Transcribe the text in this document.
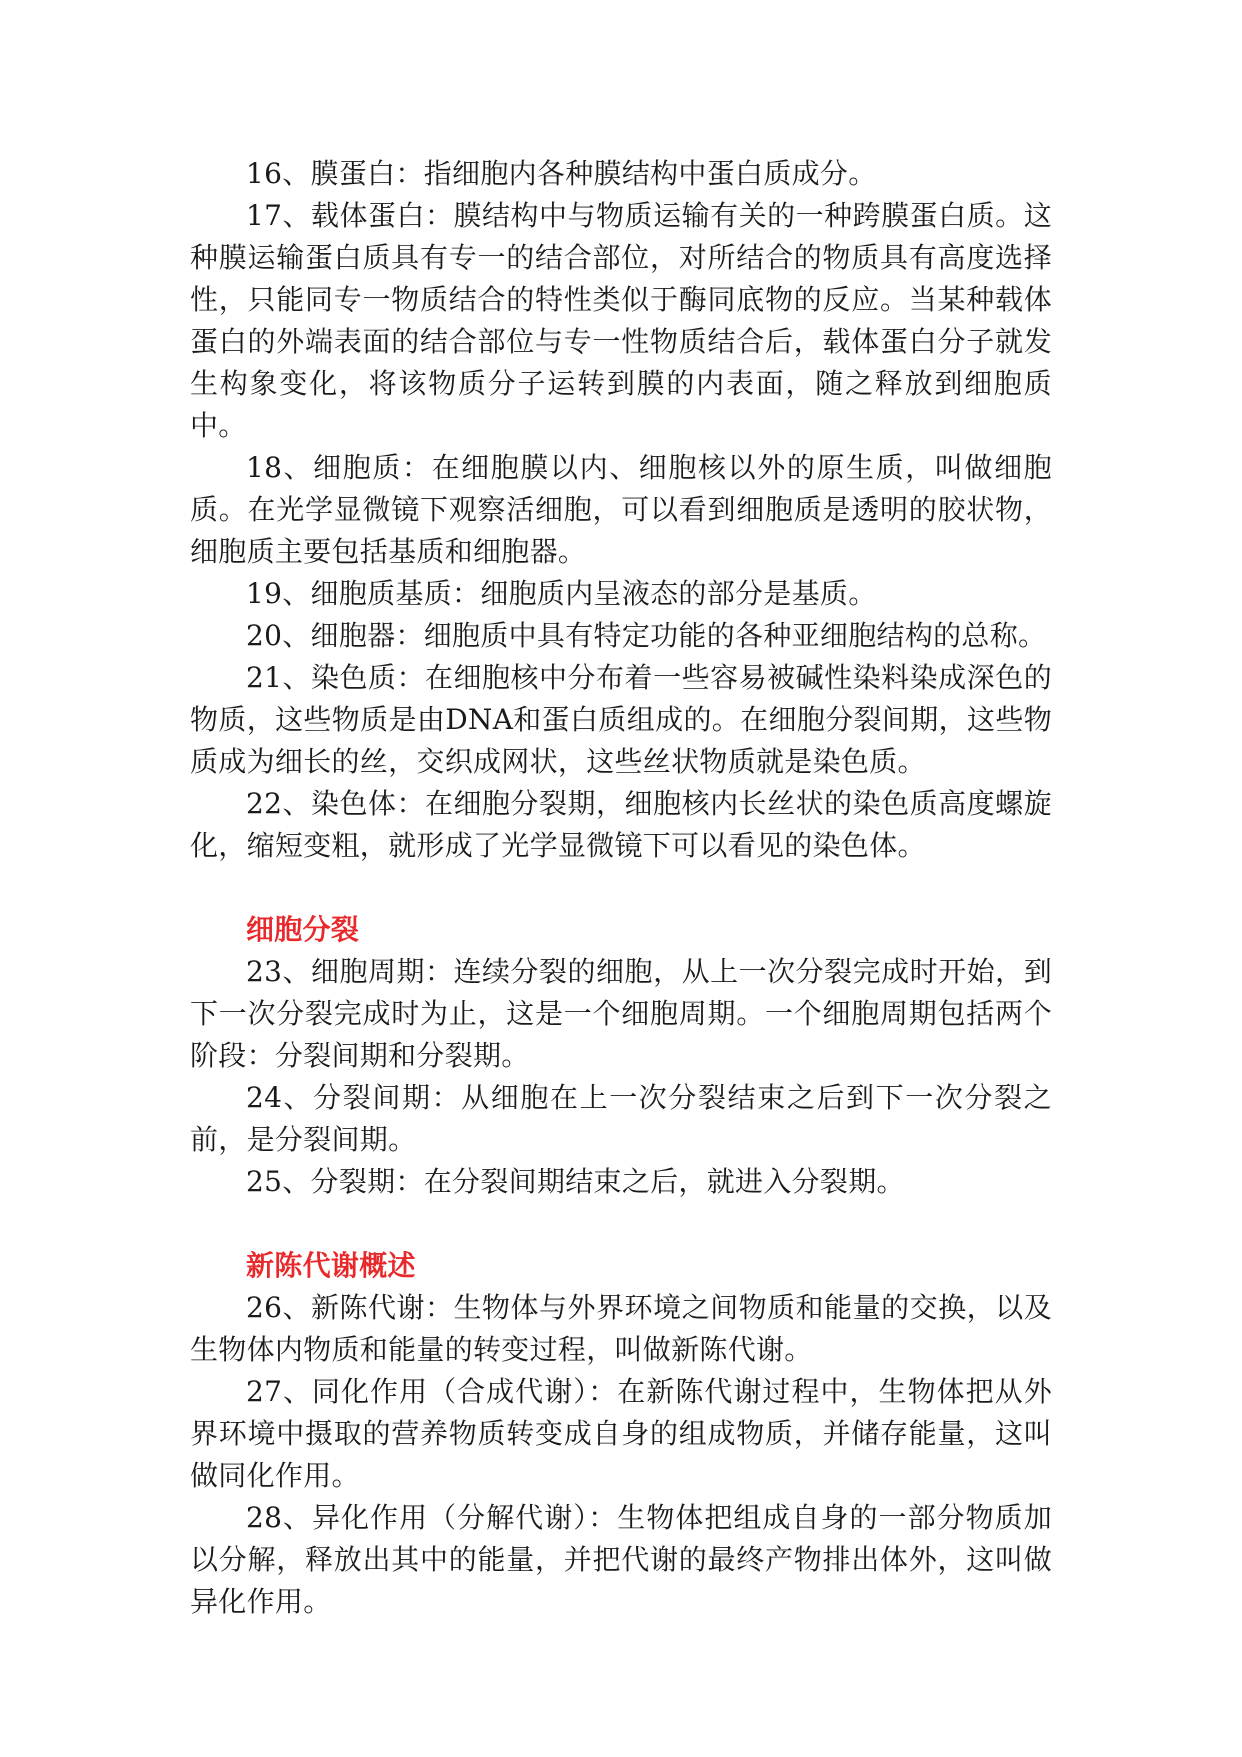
16、膜蛋白：指细胞内各种膜结构中蛋白质成分。

17、载体蛋白：膜结构中与物质运输有关的一种跨膜蛋白质。这种膜运输蛋白质具有专一的结合部位，对所结合的物质具有高度选择性，只能同专一物质结合的特性类似于酶同底物的反应。当某种载体蛋白的外端表面的结合部位与专一性物质结合后，载体蛋白分子就发生构象变化，将该物质分子运转到膜的内表面，随之释放到细胞质中。

18、细胞质：在细胞膜以内、细胞核以外的原生质，叫做细胞质。在光学显微镜下观察活细胞，可以看到细胞质是透明的胶状物，细胞质主要包括基质和细胞器。

19、细胞质基质：细胞质内呈液态的部分是基质。

20、细胞器：细胞质中具有特定功能的各种亚细胞结构的总称。

21、染色质：在细胞核中分布着一些容易被碱性染料染成深色的物质，这些物质是由DNA和蛋白质组成的。在细胞分裂间期，这些物质成为细长的丝，交织成网状，这些丝状物质就是染色质。

22、染色体：在细胞分裂期，细胞核内长丝状的染色质高度螺旋化，缩短变粗，就形成了光学显微镜下可以看见的染色体。

细胞分裂

23、细胞周期：连续分裂的细胞，从上一次分裂完成时开始，到下一次分裂完成时为止，这是一个细胞周期。一个细胞周期包括两个阶段：分裂间期和分裂期。

24、分裂间期：从细胞在上一次分裂结束之后到下一次分裂之前，是分裂间期。

25、分裂期：在分裂间期结束之后，就进入分裂期。

新陈代谢概述

26、新陈代谢：生物体与外界环境之间物质和能量的交换，以及生物体内物质和能量的转变过程，叫做新陈代谢。

27、同化作用（合成代谢）：在新陈代谢过程中，生物体把从外界环境中摄取的营养物质转变成自身的组成物质，并储存能量，这叫做同化作用。

28、异化作用（分解代谢）：生物体把组成自身的一部分物质加以分解，释放出其中的能量，并把代谢的最终产物排出体外，这叫做异化作用。
